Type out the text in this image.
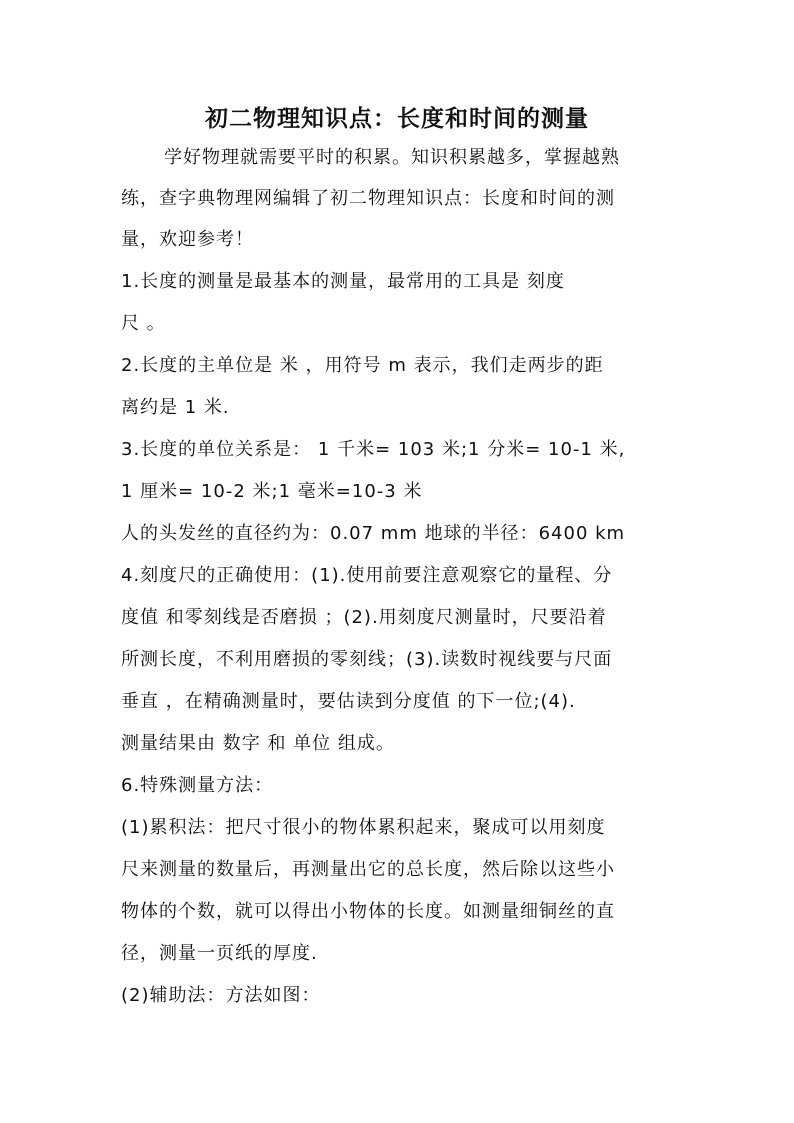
初二物理知识点：长度和时间的测量
学好物理就需要平时的积累。知识积累越多，掌握越熟
练，查字典物理网编辑了初二物理知识点：长度和时间的测
量，欢迎参考！
1.长度的测量是最基本的测量，最常用的工具是 刻度
尺 。
2.长度的主单位是 米 ，用符号 m 表示，我们走两步的距
离约是 1 米.
3.长度的单位关系是： 1 千米= 103 米;1 分米= 10-1 米,
1 厘米= 10-2 米;1 毫米=10-3 米
人的头发丝的直径约为：0.07 mm 地球的半径：6400 km
4.刻度尺的正确使用：(1).使用前要注意观察它的量程、分
度值 和零刻线是否磨损 ；(2).用刻度尺测量时，尺要沿着
所测长度，不利用磨损的零刻线；(3).读数时视线要与尺面
垂直 ，在精确测量时，要估读到分度值 的下一位;(4).
测量结果由 数字 和 单位 组成。
6.特殊测量方法：
(1)累积法：把尺寸很小的物体累积起来，聚成可以用刻度
尺来测量的数量后，再测量出它的总长度，然后除以这些小
物体的个数，就可以得出小物体的长度。如测量细铜丝的直
径，测量一页纸的厚度.
(2)辅助法：方法如图：
